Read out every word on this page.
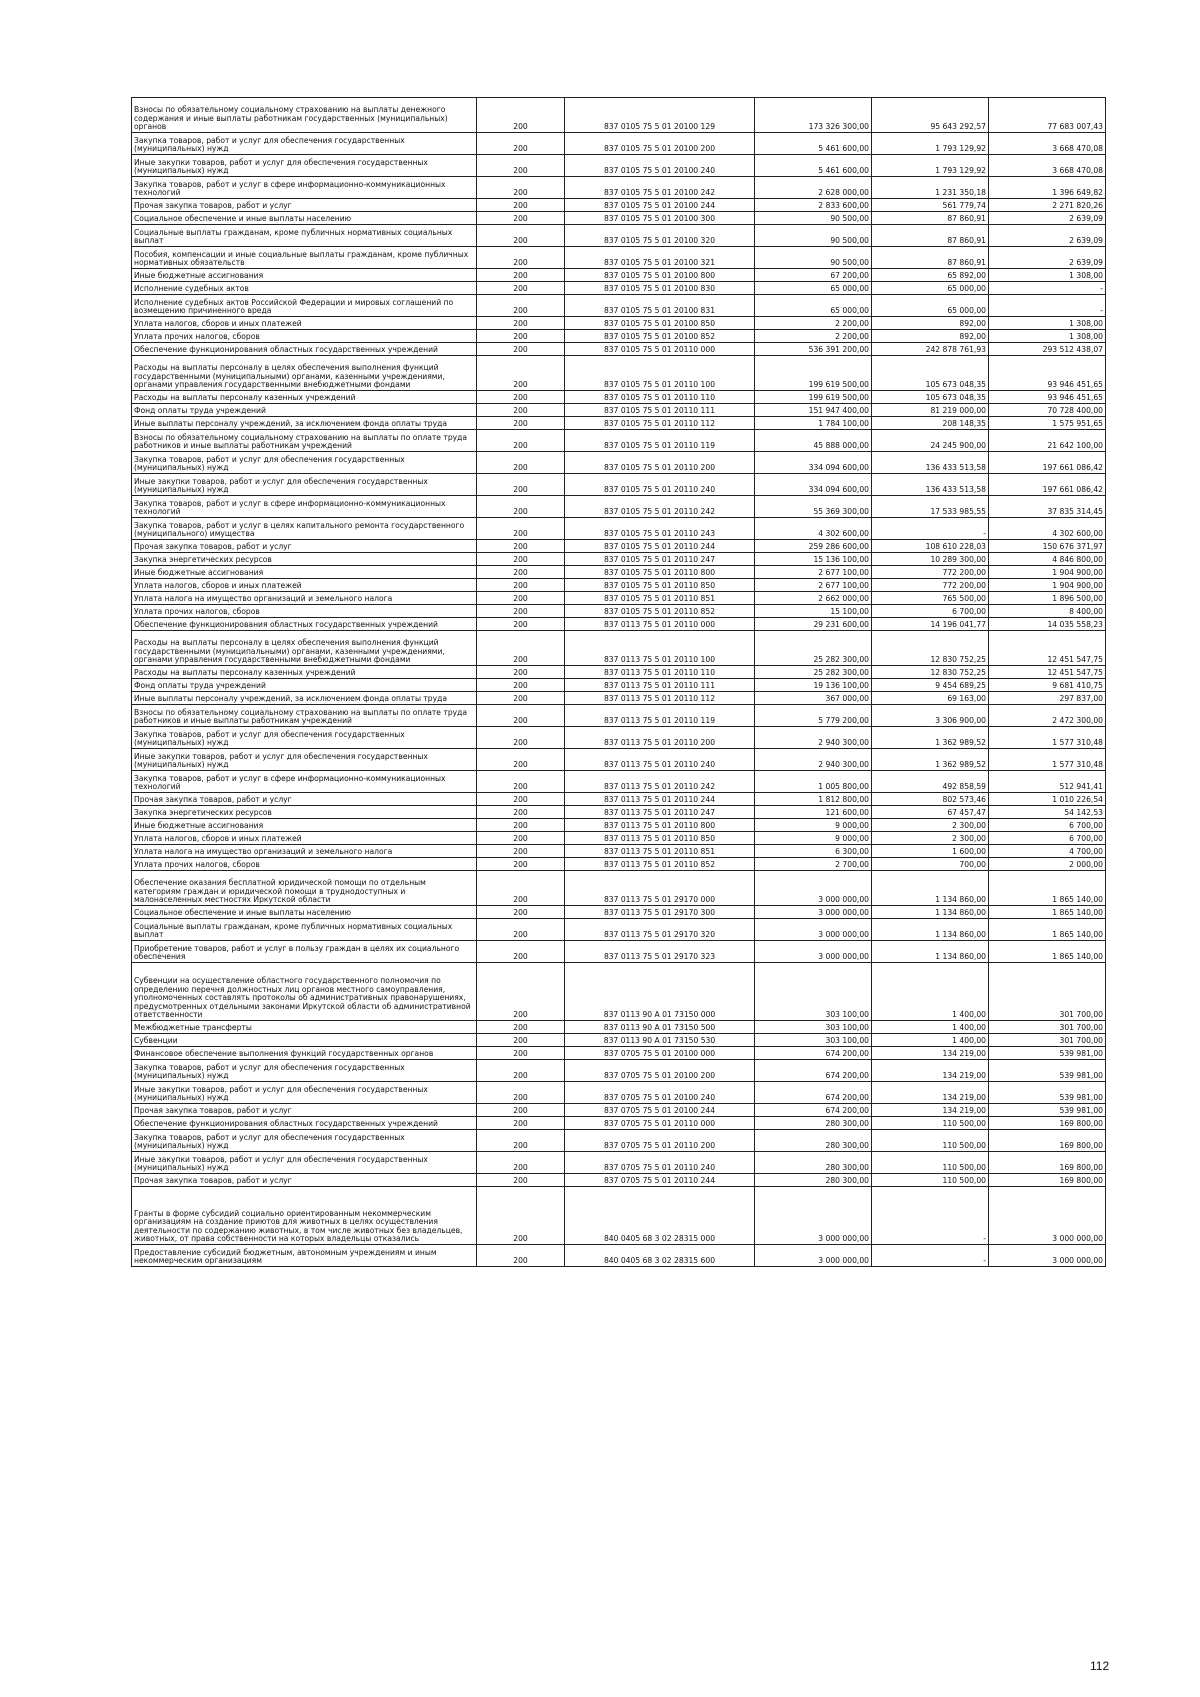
Взносы по обязательному социальному страхованию на выплаты денежного содержания и иные выплаты работникам государственных (муниципальных) органов	200	837 0105 75 5 01 20100 129	173 326 300,00	95 643 292,57	77 683 007,43
Закупка товаров, работ и услуг для обеспечения государственных (муниципальных) нужд	200	837 0105 75 5 01 20100 200	5 461 600,00	1 793 129,92	3 668 470,08
Иные закупки товаров, работ и услуг для обеспечения государственных (муниципальных) нужд	200	837 0105 75 5 01 20100 240	5 461 600,00	1 793 129,92	3 668 470,08
Закупка товаров, работ и услуг в сфере информационно-коммуникационных технологий	200	837 0105 75 5 01 20100 242	2 628 000,00	1 231 350,18	1 396 649,82
Прочая закупка товаров, работ и услуг	200	837 0105 75 5 01 20100 244	2 833 600,00	561 779,74	2 271 820,26
Социальное обеспечение и иные выплаты населению	200	837 0105 75 5 01 20100 300	90 500,00	87 860,91	2 639,09
Социальные выплаты гражданам, кроме публичных нормативных социальных выплат	200	837 0105 75 5 01 20100 320	90 500,00	87 860,91	2 639,09
Пособия, компенсации и иные социальные выплаты гражданам, кроме публичных нормативных обязательств	200	837 0105 75 5 01 20100 321	90 500,00	87 860,91	2 639,09
Иные бюджетные ассигнования	200	837 0105 75 5 01 20100 800	67 200,00	65 892,00	1 308,00
Исполнение судебных актов	200	837 0105 75 5 01 20100 830	65 000,00	65 000,00	-
Исполнение судебных актов Российской Федерации и мировых соглашений по возмещению причиненного вреда	200	837 0105 75 5 01 20100 831	65 000,00	65 000,00	-
Уплата налогов, сборов и иных платежей	200	837 0105 75 5 01 20100 850	2 200,00	892,00	1 308,00
Уплата прочих налогов, сборов	200	837 0105 75 5 01 20100 852	2 200,00	892,00	1 308,00
Обеспечение функционирования областных государственных учреждений	200	837 0105 75 5 01 20110 000	536 391 200,00	242 878 761,93	293 512 438,07
Расходы на выплаты персоналу в целях обеспечения выполнения функций государственными (муниципальными) органами, казенными учреждениями, органами управления государственными внебюджетными фондами	200	837 0105 75 5 01 20110 100	199 619 500,00	105 673 048,35	93 946 451,65
Расходы на выплаты персоналу казенных учреждений	200	837 0105 75 5 01 20110 110	199 619 500,00	105 673 048,35	93 946 451,65
Фонд оплаты труда учреждений	200	837 0105 75 5 01 20110 111	151 947 400,00	81 219 000,00	70 728 400,00
Иные выплаты персоналу учреждений, за исключением фонда оплаты труда	200	837 0105 75 5 01 20110 112	1 784 100,00	208 148,35	1 575 951,65
Взносы по обязательному социальному страхованию на выплаты по оплате труда работников и иные выплаты работникам учреждений	200	837 0105 75 5 01 20110 119	45 888 000,00	24 245 900,00	21 642 100,00
Закупка товаров, работ и услуг для обеспечения государственных (муниципальных) нужд	200	837 0105 75 5 01 20110 200	334 094 600,00	136 433 513,58	197 661 086,42
Иные закупки товаров, работ и услуг для обеспечения государственных (муниципальных) нужд	200	837 0105 75 5 01 20110 240	334 094 600,00	136 433 513,58	197 661 086,42
Закупка товаров, работ и услуг в сфере информационно-коммуникационных технологий	200	837 0105 75 5 01 20110 242	55 369 300,00	17 533 985,55	37 835 314,45
Закупка товаров, работ и услуг в целях капитального ремонта государственного (муниципального) имущества	200	837 0105 75 5 01 20110 243	4 302 600,00	-	4 302 600,00
Прочая закупка товаров, работ и услуг	200	837 0105 75 5 01 20110 244	259 286 600,00	108 610 228,03	150 676 371,97
Закупка энергетических ресурсов	200	837 0105 75 5 01 20110 247	15 136 100,00	10 289 300,00	4 846 800,00
Иные бюджетные ассигнования	200	837 0105 75 5 01 20110 800	2 677 100,00	772 200,00	1 904 900,00
Уплата налогов, сборов и иных платежей	200	837 0105 75 5 01 20110 850	2 677 100,00	772 200,00	1 904 900,00
Уплата налога на имущество организаций и земельного налога	200	837 0105 75 5 01 20110 851	2 662 000,00	765 500,00	1 896 500,00
Уплата прочих налогов, сборов	200	837 0105 75 5 01 20110 852	15 100,00	6 700,00	8 400,00
Обеспечение функционирования областных государственных учреждений	200	837 0113 75 5 01 20110 000	29 231 600,00	14 196 041,77	14 035 558,23
Расходы на выплаты персоналу в целях обеспечения выполнения функций государственными (муниципальными) органами, казенными учреждениями, органами управления государственными внебюджетными фондами	200	837 0113 75 5 01 20110 100	25 282 300,00	12 830 752,25	12 451 547,75
Расходы на выплаты персоналу казенных учреждений	200	837 0113 75 5 01 20110 110	25 282 300,00	12 830 752,25	12 451 547,75
Фонд оплаты труда учреждений	200	837 0113 75 5 01 20110 111	19 136 100,00	9 454 689,25	9 681 410,75
Иные выплаты персоналу учреждений, за исключением фонда оплаты труда	200	837 0113 75 5 01 20110 112	367 000,00	69 163,00	297 837,00
Взносы по обязательному социальному страхованию на выплаты по оплате труда работников и иные выплаты работникам учреждений	200	837 0113 75 5 01 20110 119	5 779 200,00	3 306 900,00	2 472 300,00
Закупка товаров, работ и услуг для обеспечения государственных (муниципальных) нужд	200	837 0113 75 5 01 20110 200	2 940 300,00	1 362 989,52	1 577 310,48
Иные закупки товаров, работ и услуг для обеспечения государственных (муниципальных) нужд	200	837 0113 75 5 01 20110 240	2 940 300,00	1 362 989,52	1 577 310,48
Закупка товаров, работ и услуг в сфере информационно-коммуникационных технологий	200	837 0113 75 5 01 20110 242	1 005 800,00	492 858,59	512 941,41
Прочая закупка товаров, работ и услуг	200	837 0113 75 5 01 20110 244	1 812 800,00	802 573,46	1 010 226,54
Закупка энергетических ресурсов	200	837 0113 75 5 01 20110 247	121 600,00	67 457,47	54 142,53
Иные бюджетные ассигнования	200	837 0113 75 5 01 20110 800	9 000,00	2 300,00	6 700,00
Уплата налогов, сборов и иных платежей	200	837 0113 75 5 01 20110 850	9 000,00	2 300,00	6 700,00
Уплата налога на имущество организаций и земельного налога	200	837 0113 75 5 01 20110 851	6 300,00	1 600,00	4 700,00
Уплата прочих налогов, сборов	200	837 0113 75 5 01 20110 852	2 700,00	700,00	2 000,00
Обеспечение оказания бесплатной юридической помощи по отдельным категориям граждан и юридической помощи в труднодоступных и малонаселенных местностях Иркутской области	200	837 0113 75 5 01 29170 000	3 000 000,00	1 134 860,00	1 865 140,00
Социальное обеспечение и иные выплаты населению	200	837 0113 75 5 01 29170 300	3 000 000,00	1 134 860,00	1 865 140,00
Социальные выплаты гражданам, кроме публичных нормативных социальных выплат	200	837 0113 75 5 01 29170 320	3 000 000,00	1 134 860,00	1 865 140,00
Приобретение товаров, работ и услуг в пользу граждан в целях их социального обеспечения	200	837 0113 75 5 01 29170 323	3 000 000,00	1 134 860,00	1 865 140,00
Субвенции на осуществление областного государственного полномочия по определению перечня должностных лиц органов местного самоуправления, уполномоченных составлять протоколы об административных правонарушениях, предусмотренных отдельными законами Иркутской области об административной ответственности	200	837 0113 90 А 01 73150 000	303 100,00	1 400,00	301 700,00
Межбюджетные трансферты	200	837 0113 90 А 01 73150 500	303 100,00	1 400,00	301 700,00
Субвенции	200	837 0113 90 А 01 73150 530	303 100,00	1 400,00	301 700,00
Финансовое обеспечение выполнения функций государственных органов	200	837 0705 75 5 01 20100 000	674 200,00	134 219,00	539 981,00
Закупка товаров, работ и услуг для обеспечения государственных (муниципальных) нужд	200	837 0705 75 5 01 20100 200	674 200,00	134 219,00	539 981,00
Иные закупки товаров, работ и услуг для обеспечения государственных (муниципальных) нужд	200	837 0705 75 5 01 20100 240	674 200,00	134 219,00	539 981,00
Прочая закупка товаров, работ и услуг	200	837 0705 75 5 01 20100 244	674 200,00	134 219,00	539 981,00
Обеспечение функционирования областных государственных учреждений	200	837 0705 75 5 01 20110 000	280 300,00	110 500,00	169 800,00
Закупка товаров, работ и услуг для обеспечения государственных (муниципальных) нужд	200	837 0705 75 5 01 20110 200	280 300,00	110 500,00	169 800,00
Иные закупки товаров, работ и услуг для обеспечения государственных (муниципальных) нужд	200	837 0705 75 5 01 20110 240	280 300,00	110 500,00	169 800,00
Прочая закупка товаров, работ и услуг	200	837 0705 75 5 01 20110 244	280 300,00	110 500,00	169 800,00
Гранты в форме субсидий социально ориентированным некоммерческим организациям на создание приютов для животных в целях осуществления деятельности по содержанию животных, в том числе животных без владельцев, животных, от права собственности на которых владельцы отказались	200	840 0405 68 3 02 28315 000	3 000 000,00	-	3 000 000,00
Предоставление субсидий бюджетным, автономным учреждениям и иным некоммерческим организациям	200	840 0405 68 3 02 28315 600	3 000 000,00	-	3 000 000,00
112
